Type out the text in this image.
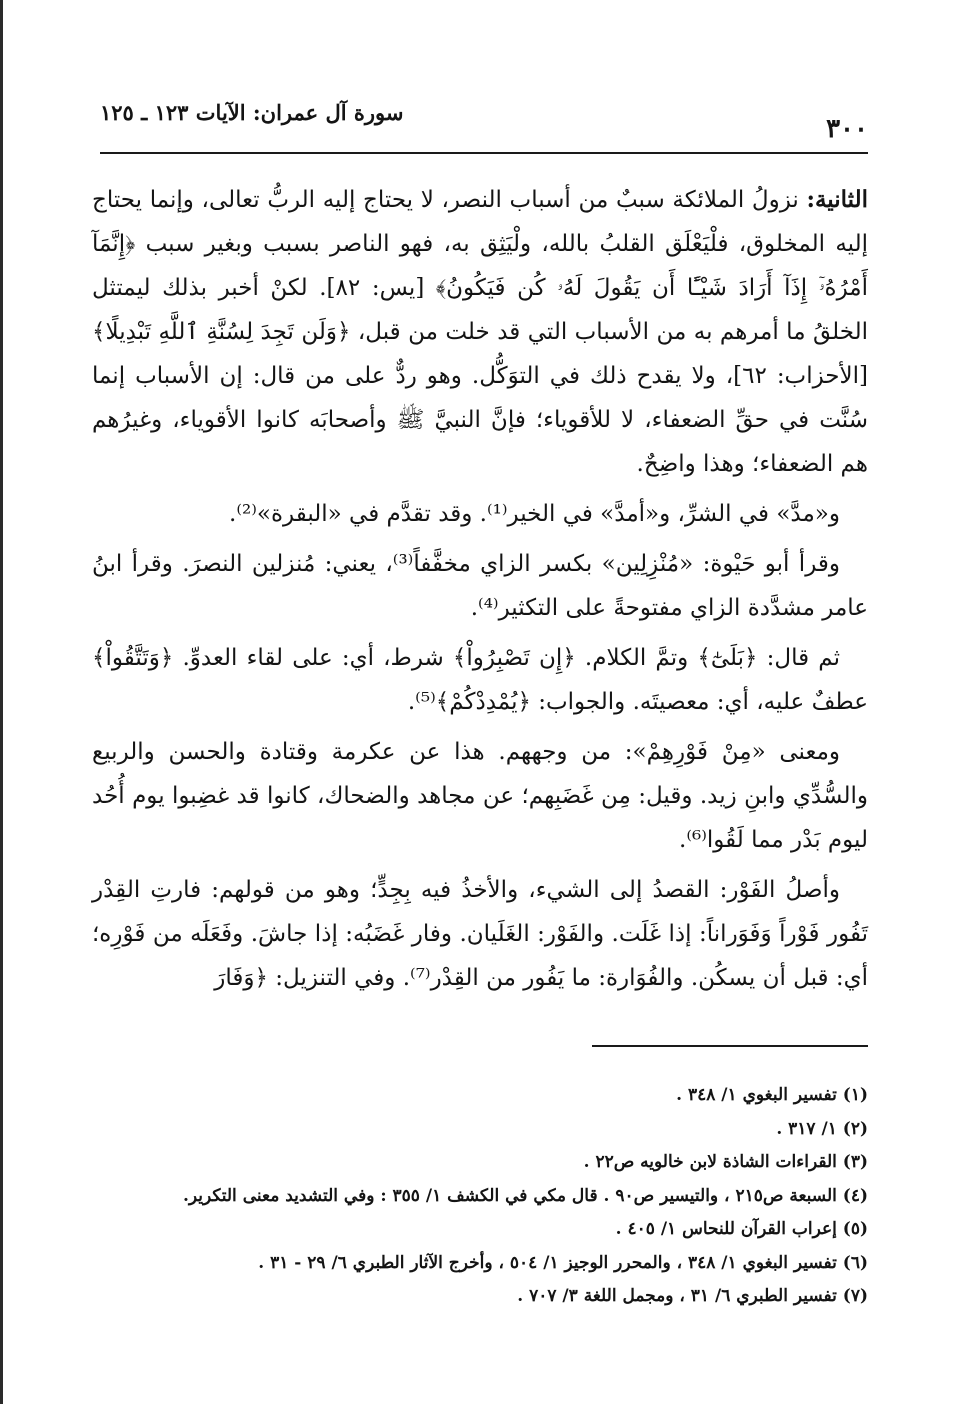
٣٠٠
سورة آل عمران: الآيات ١٢٣ ـ ١٢٥

الثانية: نزولُ الملائكة سببٌ من أسباب النصر، لا يحتاج إليه الربُّ تعالى، وإنما يحتاج إليه المخلوق، فلْيَعْلَق القلبُ بالله، ولْيَثِق به، فهو الناصر بسبب وبغير سبب ﴿إِنَّمَآ أَمْرُهُۥٓ إِذَآ أَرَادَ شَيْـًٔا أَن يَقُولَ لَهُۥ كُن فَيَكُونُ﴾ [يس: ٨٢]. لكنْ أخبر بذلك ليمتثل الخلقُ ما أمرهم به من الأسباب التي قد خلت من قبل، ﴿وَلَن تَجِدَ لِسُنَّةِ ٱللَّهِ تَبْدِيلًا﴾ [الأحزاب: ٦٢]، ولا يقدح ذلك في التوَكُّل. وهو ردٌّ على من قال: إن الأسباب إنما سُنَّت في حقِّ الضعفاء، لا للأقوياء؛ فإنَّ النبيَّ ﷺ وأصحابَه كانوا الأقوياء، وغيرُهم هم الضعفاء؛ وهذا واضِحٌ.

و«مدَّ» في الشرِّ، و«أمدَّ» في الخير⁽¹⁾. وقد تقدَّم في «البقرة»⁽²⁾.

وقرأ أبو حَيْوة: «مُنْزِلِين» بكسر الزاي مخفَّفاً⁽³⁾، يعني: مُنزلين النصرَ. وقرأ ابنُ عامر مشدَّدة الزاي مفتوحةً على التكثير⁽⁴⁾.

ثم قال: ﴿بَلَىٰٓ﴾ وتمَّ الكلام. ﴿إِن تَصْبِرُواْ﴾ شرط، أي: على لقاء العدوِّ. ﴿وَتَتَّقُواْ﴾ عطفٌ عليه، أي: معصيتَه. والجواب: ﴿يُمْدِدْكُمْ﴾⁽⁵⁾.

ومعنى «مِنْ فَوْرِهِمْ»: من وجههم. هذا عن عكرمة وقتادة والحسن والربيع والسُّدِّي وابنِ زيد. وقيل: مِن غَضَبِهم؛ عن مجاهد والضحاك، كانوا قد غضِبوا يوم أُحُد ليوم بَدْر مما لَقُوا⁽⁶⁾.

وأصلُ الفَوْر: القصدُ إلى الشيء، والأخذُ فيه بِجِدٍّ؛ وهو من قولهم: فارتِ القِدْر تَفُور فَوْراً وَفَوَراناً: إذا غَلَت. والفَوْر: الغَلَيان. وفار غَضَبُه: إذا جاشَ. وفَعَلَه من فَوْرِه؛ أي: قبل أن يسكُن. والفُوَارة: ما يَفُور من القِدْر⁽⁷⁾. وفي التنزيل: ﴿وَفَارَ

(١) تفسير البغوي ١/ ٣٤٨ .
(٢) ١/ ٣١٧ .
(٣) القراءات الشاذة لابن خالويه ص٢٢ .
(٤) السبعة ص٢١٥ ، والتيسير ص٩٠ . قال مكي في الكشف ١/ ٣٥٥ : وفي التشديد معنى التكرير.
(٥) إعراب القرآن للنحاس ١/ ٤٠٥ .
(٦) تفسير البغوي ١/ ٣٤٨ ، والمحرر الوجيز ١/ ٥٠٤ ، وأخرج الآثار الطبري ٦/ ٢٩ - ٣١ .
(٧) تفسير الطبري ٦/ ٣١ ، ومجمل اللغة ٣/ ٧٠٧ .
